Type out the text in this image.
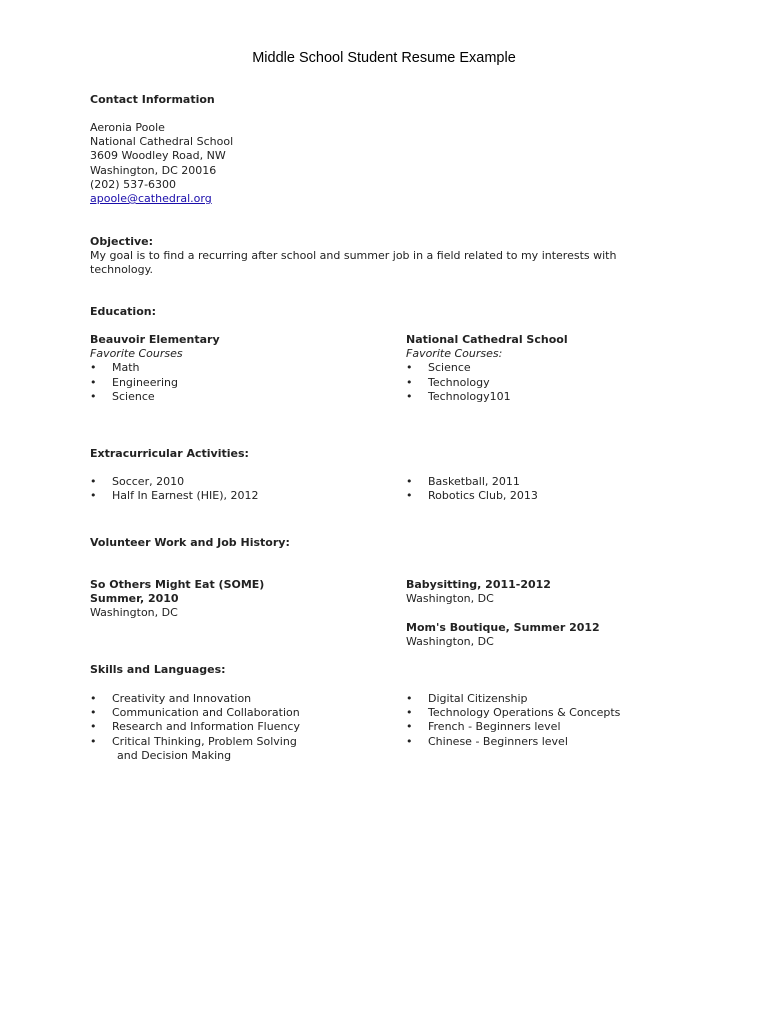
Middle School Student Resume Example
Contact Information
Aeronia Poole
National Cathedral School
3609 Woodley Road, NW
Washington, DC 20016
(202) 537-6300
apoole@cathedral.org
Objective:
My goal is to find a recurring after school and summer job in a field related to my interests with
technology.
Education:
Beauvoir Elementary
Favorite Courses
• Math
• Engineering
• Science
National Cathedral School
Favorite Courses:
• Science
• Technology
• Technology101
Extracurricular Activities:
• Soccer, 2010
• Half In Earnest (HIE), 2012
• Basketball, 2011
• Robotics Club, 2013
Volunteer Work and Job History:
So Others Might Eat (SOME)
Summer, 2010
Washington, DC
Babysitting, 2011-2012
Washington, DC
Mom's Boutique, Summer 2012
Washington, DC
Skills and Languages:
• Creativity and Innovation
• Communication and Collaboration
• Research and Information Fluency
• Critical Thinking, Problem Solving
and Decision Making
• Digital Citizenship
• Technology Operations & Concepts
• French - Beginners level
• Chinese - Beginners level
